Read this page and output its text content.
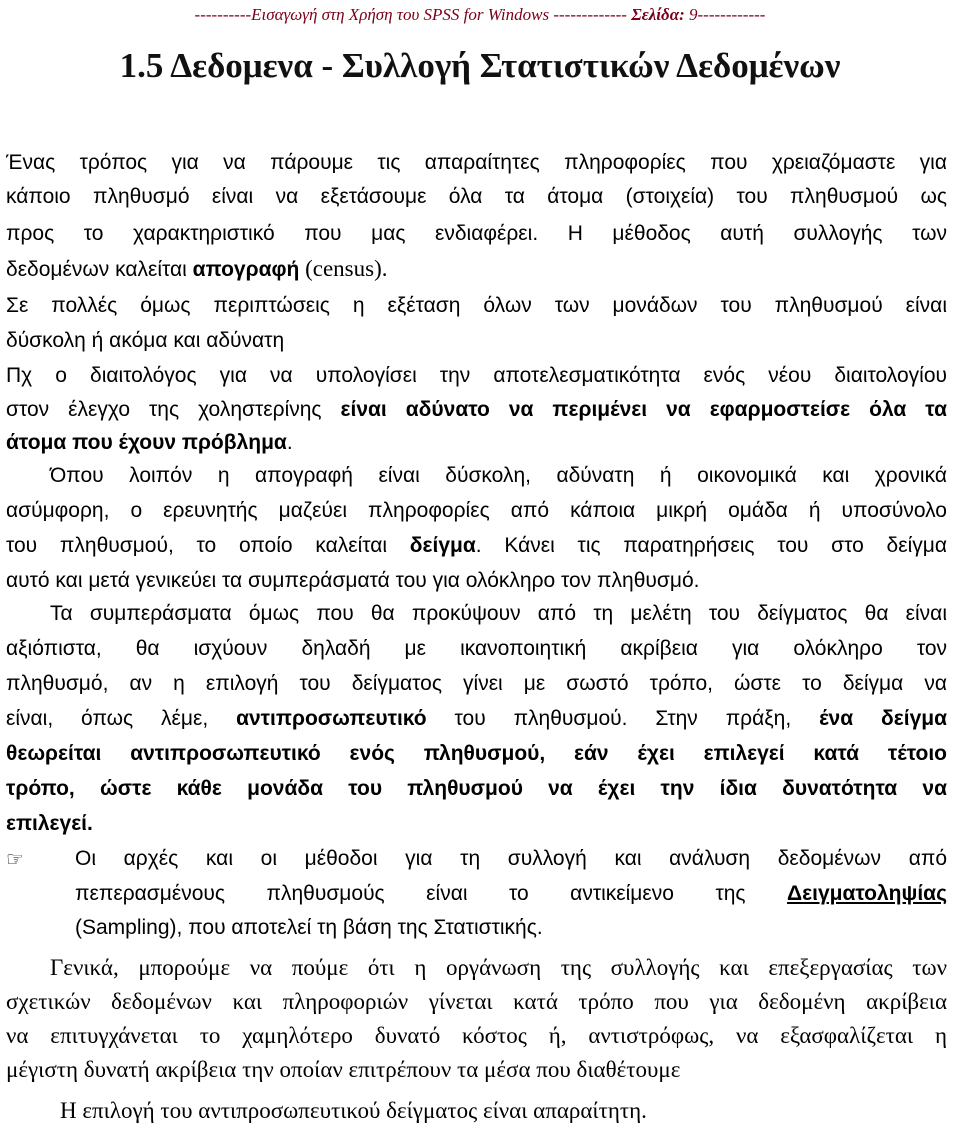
----------Εισαγωγή στη Χρήση του SPSS for Windows ------------- Σελίδα: 9------------
1.5 Δεδομενα - Συλλογή Στατιστικών Δεδομένων
Ένας τρόπος για να πάρουμε τις απαραίτητες πληροφορίες που χρειαζόμαστε για
κάποιο πληθυσμό είναι να εξετάσουμε όλα τα άτομα (στοιχεία) του πληθυσμού ως
προς το χαρακτηριστικό που μας ενδιαφέρει. Η μέθοδος αυτή συλλογής των
δεδομένων καλείται απογραφή (census).
Σε πολλές όμως περιπτώσεις η εξέταση όλων των μονάδων του πληθυσμού είναι
δύσκολη ή ακόμα και αδύνατη
Πχ ο διαιτολόγος για να υπολογίσει την αποτελεσματικότητα ενός νέου διαιτολογίου
στον έλεγχο της χοληστερίνης είναι αδύνατο να περιμένει να εφαρμοστείσε όλα τα
άτομα που έχουν πρόβλημα.
Όπου λοιπόν η απογραφή είναι δύσκολη, αδύνατη ή οικονομικά και χρονικά
ασύμφορη, ο ερευνητής μαζεύει πληροφορίες από κάποια μικρή ομάδα ή υποσύνολο
του πληθυσμού, το οποίο καλείται δείγμα. Κάνει τις παρατηρήσεις του στο δείγμα
αυτό και μετά γενικεύει τα συμπεράσματά του για ολόκληρο τον πληθυσμό.
Τα συμπεράσματα όμως που θα προκύψουν από τη μελέτη του δείγματος θα είναι
αξιόπιστα, θα ισχύουν δηλαδή με ικανοποιητική ακρίβεια για ολόκληρο τον
πληθυσμό, αν η επιλογή του δείγματος γίνει με σωστό τρόπο, ώστε το δείγμα να
είναι, όπως λέμε, αντιπροσωπευτικό του πληθυσμού. Στην πράξη, ένα δείγμα
θεωρείται αντιπροσωπευτικό ενός πληθυσμού, εάν έχει επιλεγεί κατά τέτοιο
τρόπο, ώστε κάθε μονάδα του πληθυσμού να έχει την ίδια δυνατότητα να
επιλεγεί.
☞	Οι αρχές και οι μέθοδοι για τη συλλογή και ανάλυση δεδομένων από
πεπερασμένους πληθυσμούς είναι το αντικείμενο της Δειγματοληψίας
(Sampling), που αποτελεί τη βάση της Στατιστικής.
Γενικά, μπορούμε να πούμε ότι η οργάνωση της συλλογής και επεξεργασίας των
σχετικών δεδομένων και πληροφοριών γίνεται κατά τρόπο που για δεδομένη ακρίβεια
να επιτυγχάνεται το χαμηλότερο δυνατό κόστος ή, αντιστρόφως, να εξασφαλίζεται η
μέγιστη δυνατή ακρίβεια την οποίαν επιτρέπουν τα μέσα που διαθέτουμε
Η επιλογή του αντιπροσωπευτικού δείγματος είναι απαραίτητη.
